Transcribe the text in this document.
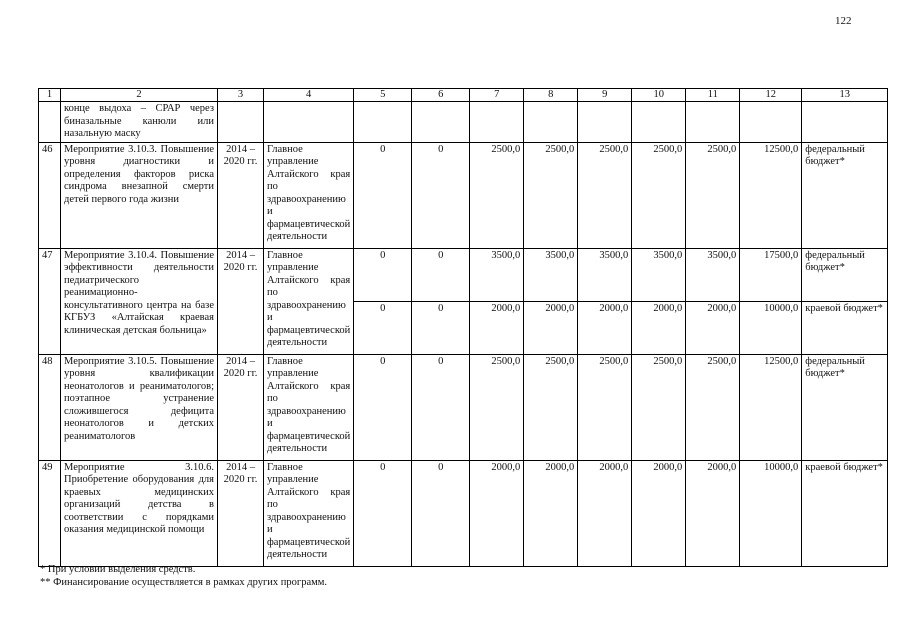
122
1	2	3	4	5	6	7	8	9	10	11	12	13
	конце выдоха – СРАР через биназальные канюли или назальную маску											
46	Мероприятие 3.10.3. Повышение уровня диагностики и определения факторов риска синдрома внезапной смерти детей первого года жизни	2014 – 2020 гг.	Главное управление Алтайского края по здравоохранению и фармацевтической деятельности	0	0	2500,0	2500,0	2500,0	2500,0	2500,0	12500,0	федеральный бюджет*
47	Мероприятие 3.10.4. Повышение эффективности деятельности педиатрического реанимационно-консультативного центра на базе КГБУЗ «Алтайская краевая клиническая детская больница»	2014 – 2020 гг.	Главное управление Алтайского края по здравоохранению и фармацевтической деятельности	0	0	3500,0	3500,0	3500,0	3500,0	3500,0	17500,0	федеральный бюджет*
				0	0	2000,0	2000,0	2000,0	2000,0	2000,0	10000,0	краевой бюджет*
48	Мероприятие 3.10.5. Повышение уровня квалификации неонатологов и реаниматологов; поэтапное устранение сложившегося дефицита неонатологов и детских реаниматологов	2014 – 2020 гг.	Главное управление Алтайского края по здравоохранению и фармацевтической деятельности	0	0	2500,0	2500,0	2500,0	2500,0	2500,0	12500,0	федеральный бюджет*
49	Мероприятие 3.10.6. Приобретение оборудования для краевых медицинских организаций детства в соответствии с порядками оказания медицинской помощи	2014 – 2020 гг.	Главное управление Алтайского края по здравоохранению и фармацевтической деятельности	0	0	2000,0	2000,0	2000,0	2000,0	2000,0	10000,0	краевой бюджет*
* При условии выделения средств.
** Финансирование осуществляется в рамках других программ.
